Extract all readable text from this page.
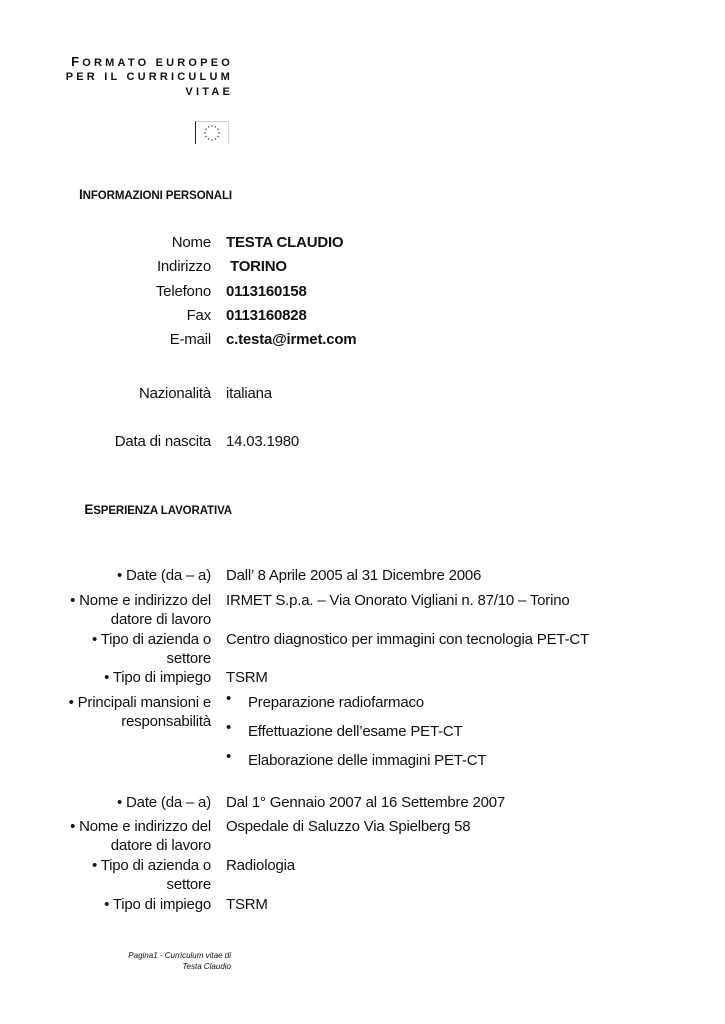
FORMATO EUROPEO
PER IL CURRICULUM
VITAE
INFORMAZIONI PERSONALI
Nome TESTA CLAUDIO
Indirizzo TORINO
Telefono 0113160158
Fax 0113160828
E-mail c.testa@irmet.com
Nazionalità italiana
Data di nascita 14.03.1980
ESPERIENZA LAVORATIVA
• Date (da – a) Dall’ 8 Aprile 2005 al 31 Dicembre 2006
• Nome e indirizzo del
datore di lavoro
IRMET S.p.a. – Via Onorato Vigliani n. 87/10 – Torino
• Tipo di azienda o
settore
Centro diagnostico per immagini con tecnologia PET-CT
• Tipo di impiego TSRM
• Principali mansioni e
responsabilità
• Preparazione radiofarmaco
• Effettuazione dell’esame PET-CT
• Elaborazione delle immagini PET-CT
• Date (da – a) Dal 1° Gennaio 2007 al 16 Settembre 2007
• Nome e indirizzo del
datore di lavoro
Ospedale di Saluzzo Via Spielberg 58
• Tipo di azienda o
settore
Radiologia
• Tipo di impiego TSRM
Pagina1 - Curriculum vitae di
Testa Claudio
